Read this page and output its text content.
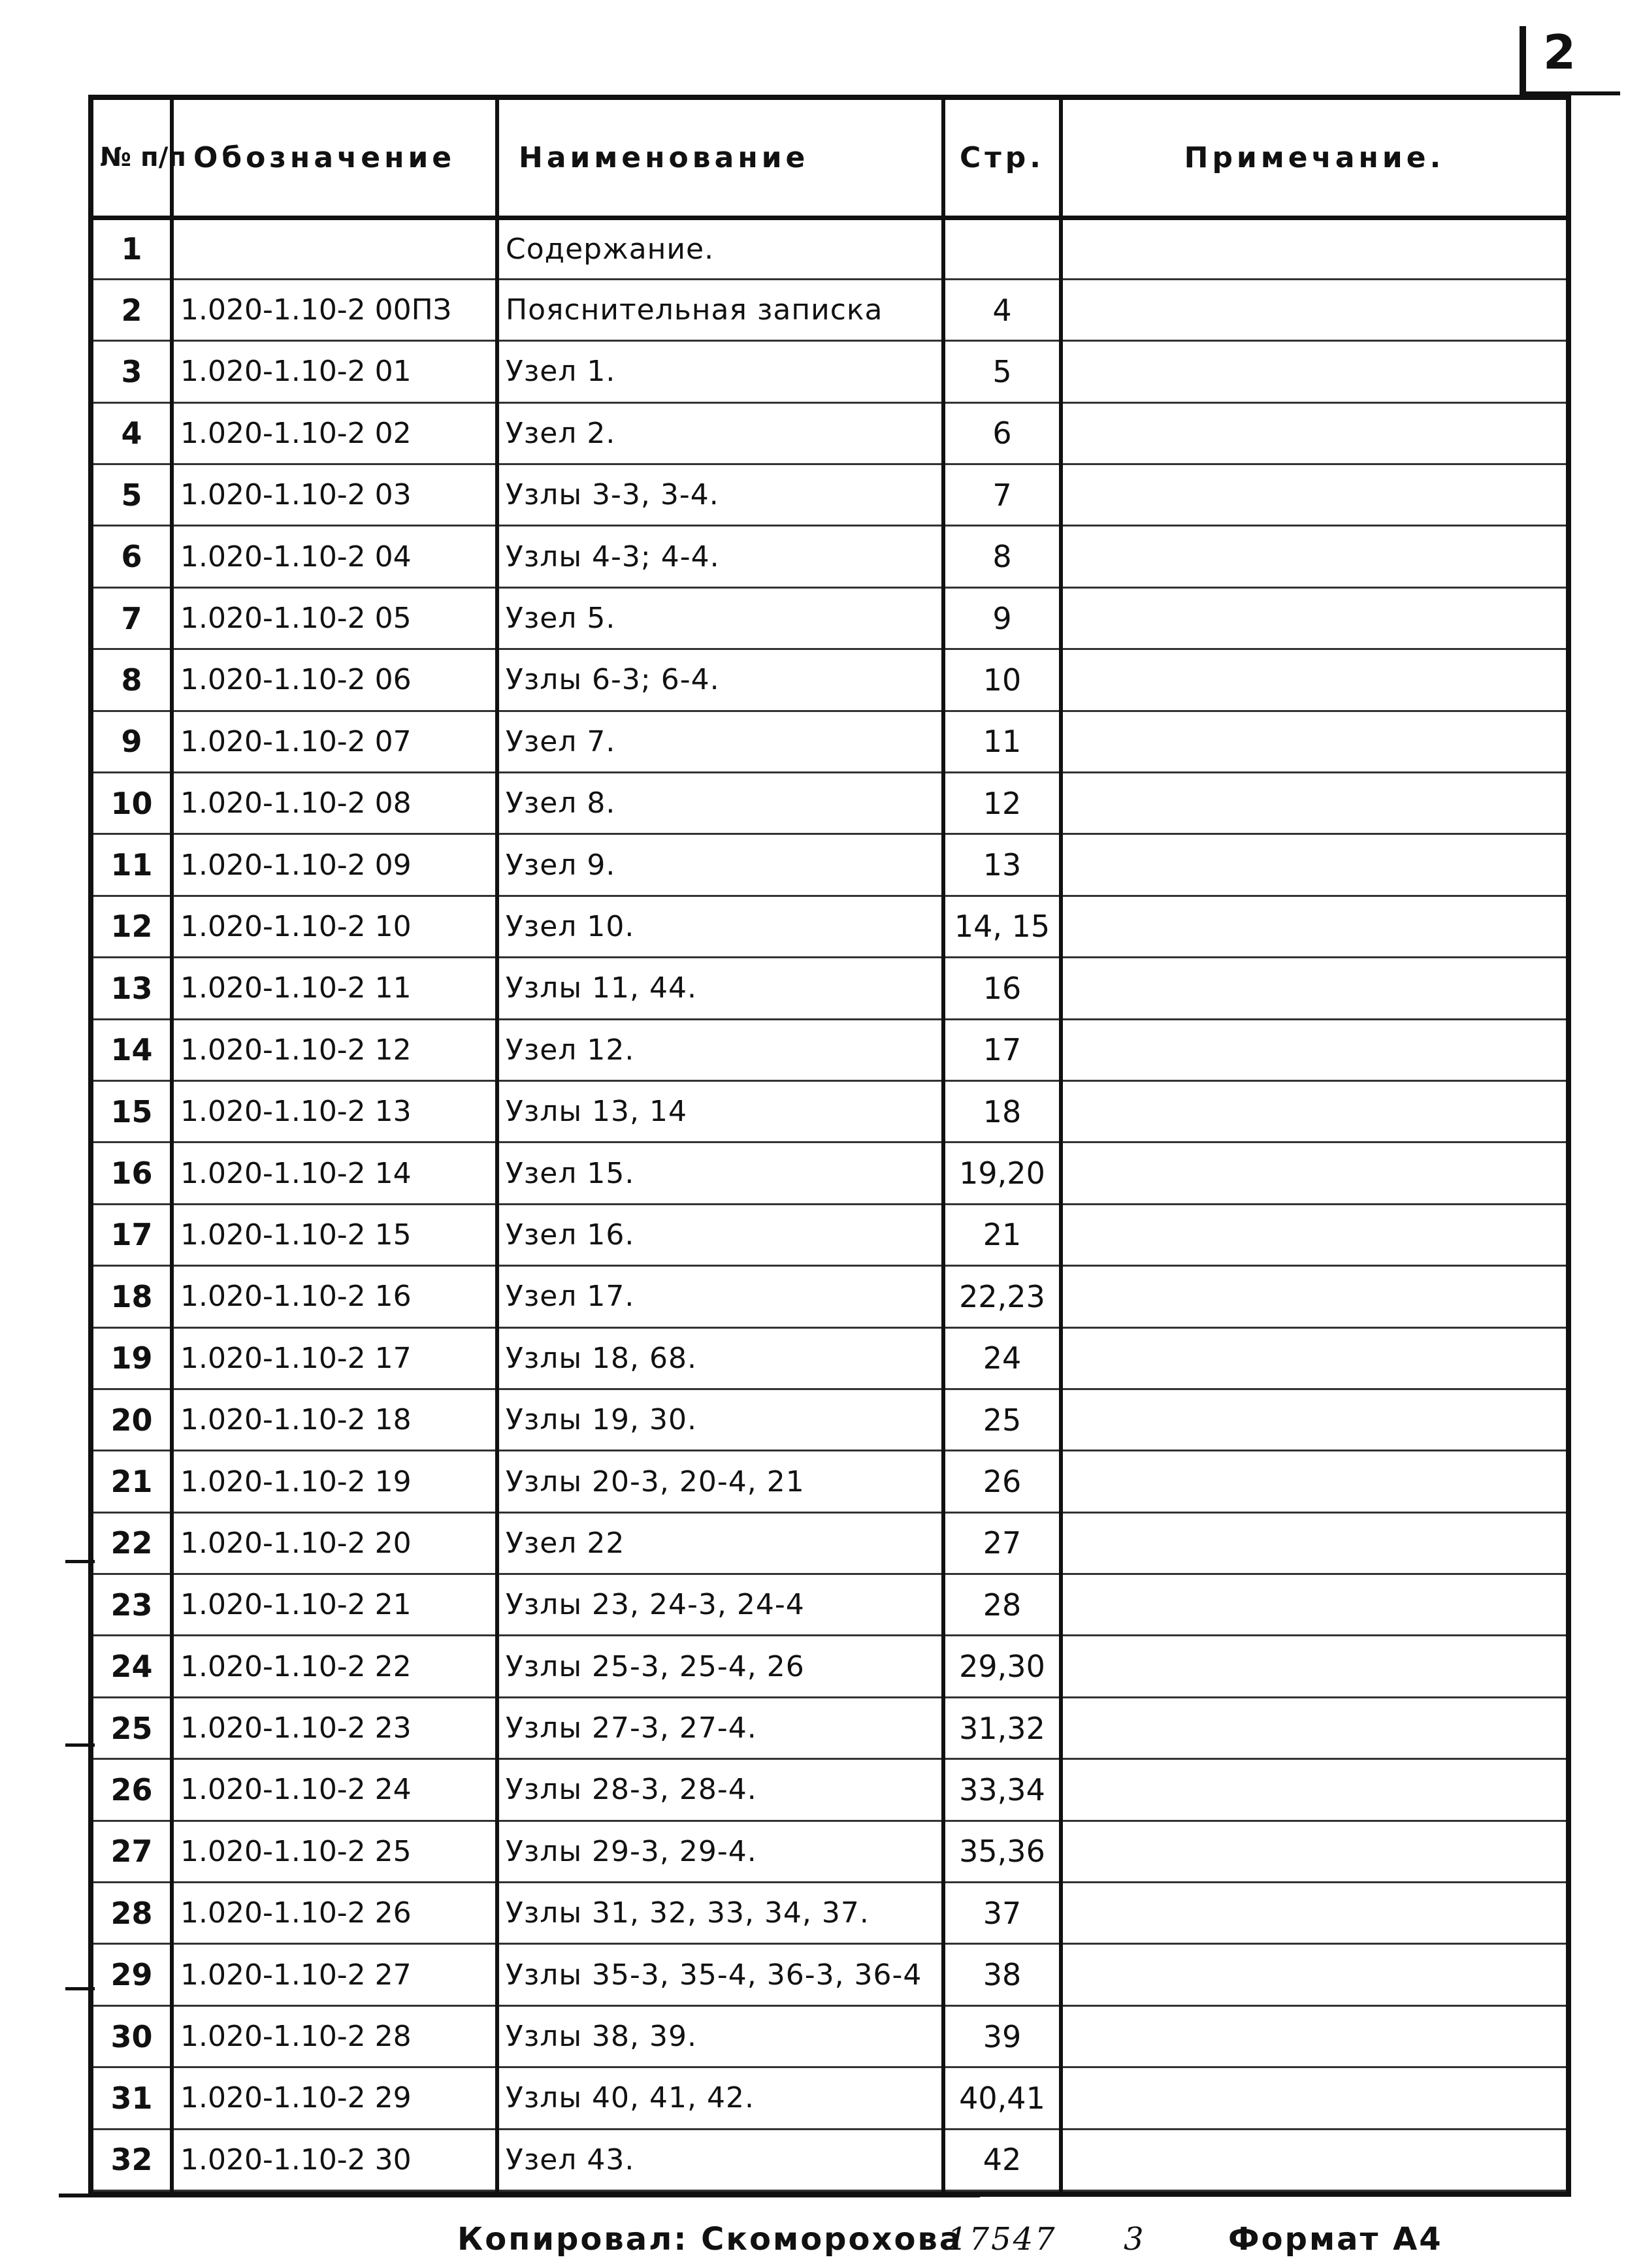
2
№ п/п	Обозначение	Наименование	Стр.	Примечание.
1		Содержание.		
2	1.020-1.10-2 00ПЗ	Пояснительная записка	4	
3	1.020-1.10-2 01	Узел 1.	5	
4	1.020-1.10-2 02	Узел 2.	6	
5	1.020-1.10-2 03	Узлы 3-3, 3-4.	7	
6	1.020-1.10-2 04	Узлы 4-3; 4-4.	8	
7	1.020-1.10-2 05	Узел 5.	9	
8	1.020-1.10-2 06	Узлы 6-3; 6-4.	10	
9	1.020-1.10-2 07	Узел 7.	11	
10	1.020-1.10-2 08	Узел 8.	12	
11	1.020-1.10-2 09	Узел 9.	13	
12	1.020-1.10-2 10	Узел 10.	14, 15	
13	1.020-1.10-2 11	Узлы 11, 44.	16	
14	1.020-1.10-2 12	Узел 12.	17	
15	1.020-1.10-2 13	Узлы 13, 14	18	
16	1.020-1.10-2 14	Узел 15.	19,20	
17	1.020-1.10-2 15	Узел 16.	21	
18	1.020-1.10-2 16	Узел 17.	22,23	
19	1.020-1.10-2 17	Узлы 18, 68.	24	
20	1.020-1.10-2 18	Узлы 19, 30.	25	
21	1.020-1.10-2 19	Узлы 20-3, 20-4, 21	26	
22	1.020-1.10-2 20	Узел 22	27	
23	1.020-1.10-2 21	Узлы 23, 24-3, 24-4	28	
24	1.020-1.10-2 22	Узлы 25-3, 25-4, 26	29,30	
25	1.020-1.10-2 23	Узлы 27-3, 27-4.	31,32	
26	1.020-1.10-2 24	Узлы 28-3, 28-4.	33,34	
27	1.020-1.10-2 25	Узлы 29-3, 29-4.	35,36	
28	1.020-1.10-2 26	Узлы 31, 32, 33, 34, 37.	37	
29	1.020-1.10-2 27	Узлы 35-3, 35-4, 36-3, 36-4	38	
30	1.020-1.10-2 28	Узлы 38, 39.	39	
31	1.020-1.10-2 29	Узлы 40, 41, 42.	40,41	
32	1.020-1.10-2 30	Узел 43.	42	
Копировал: Скоморохова
17547 3	Формат А4
